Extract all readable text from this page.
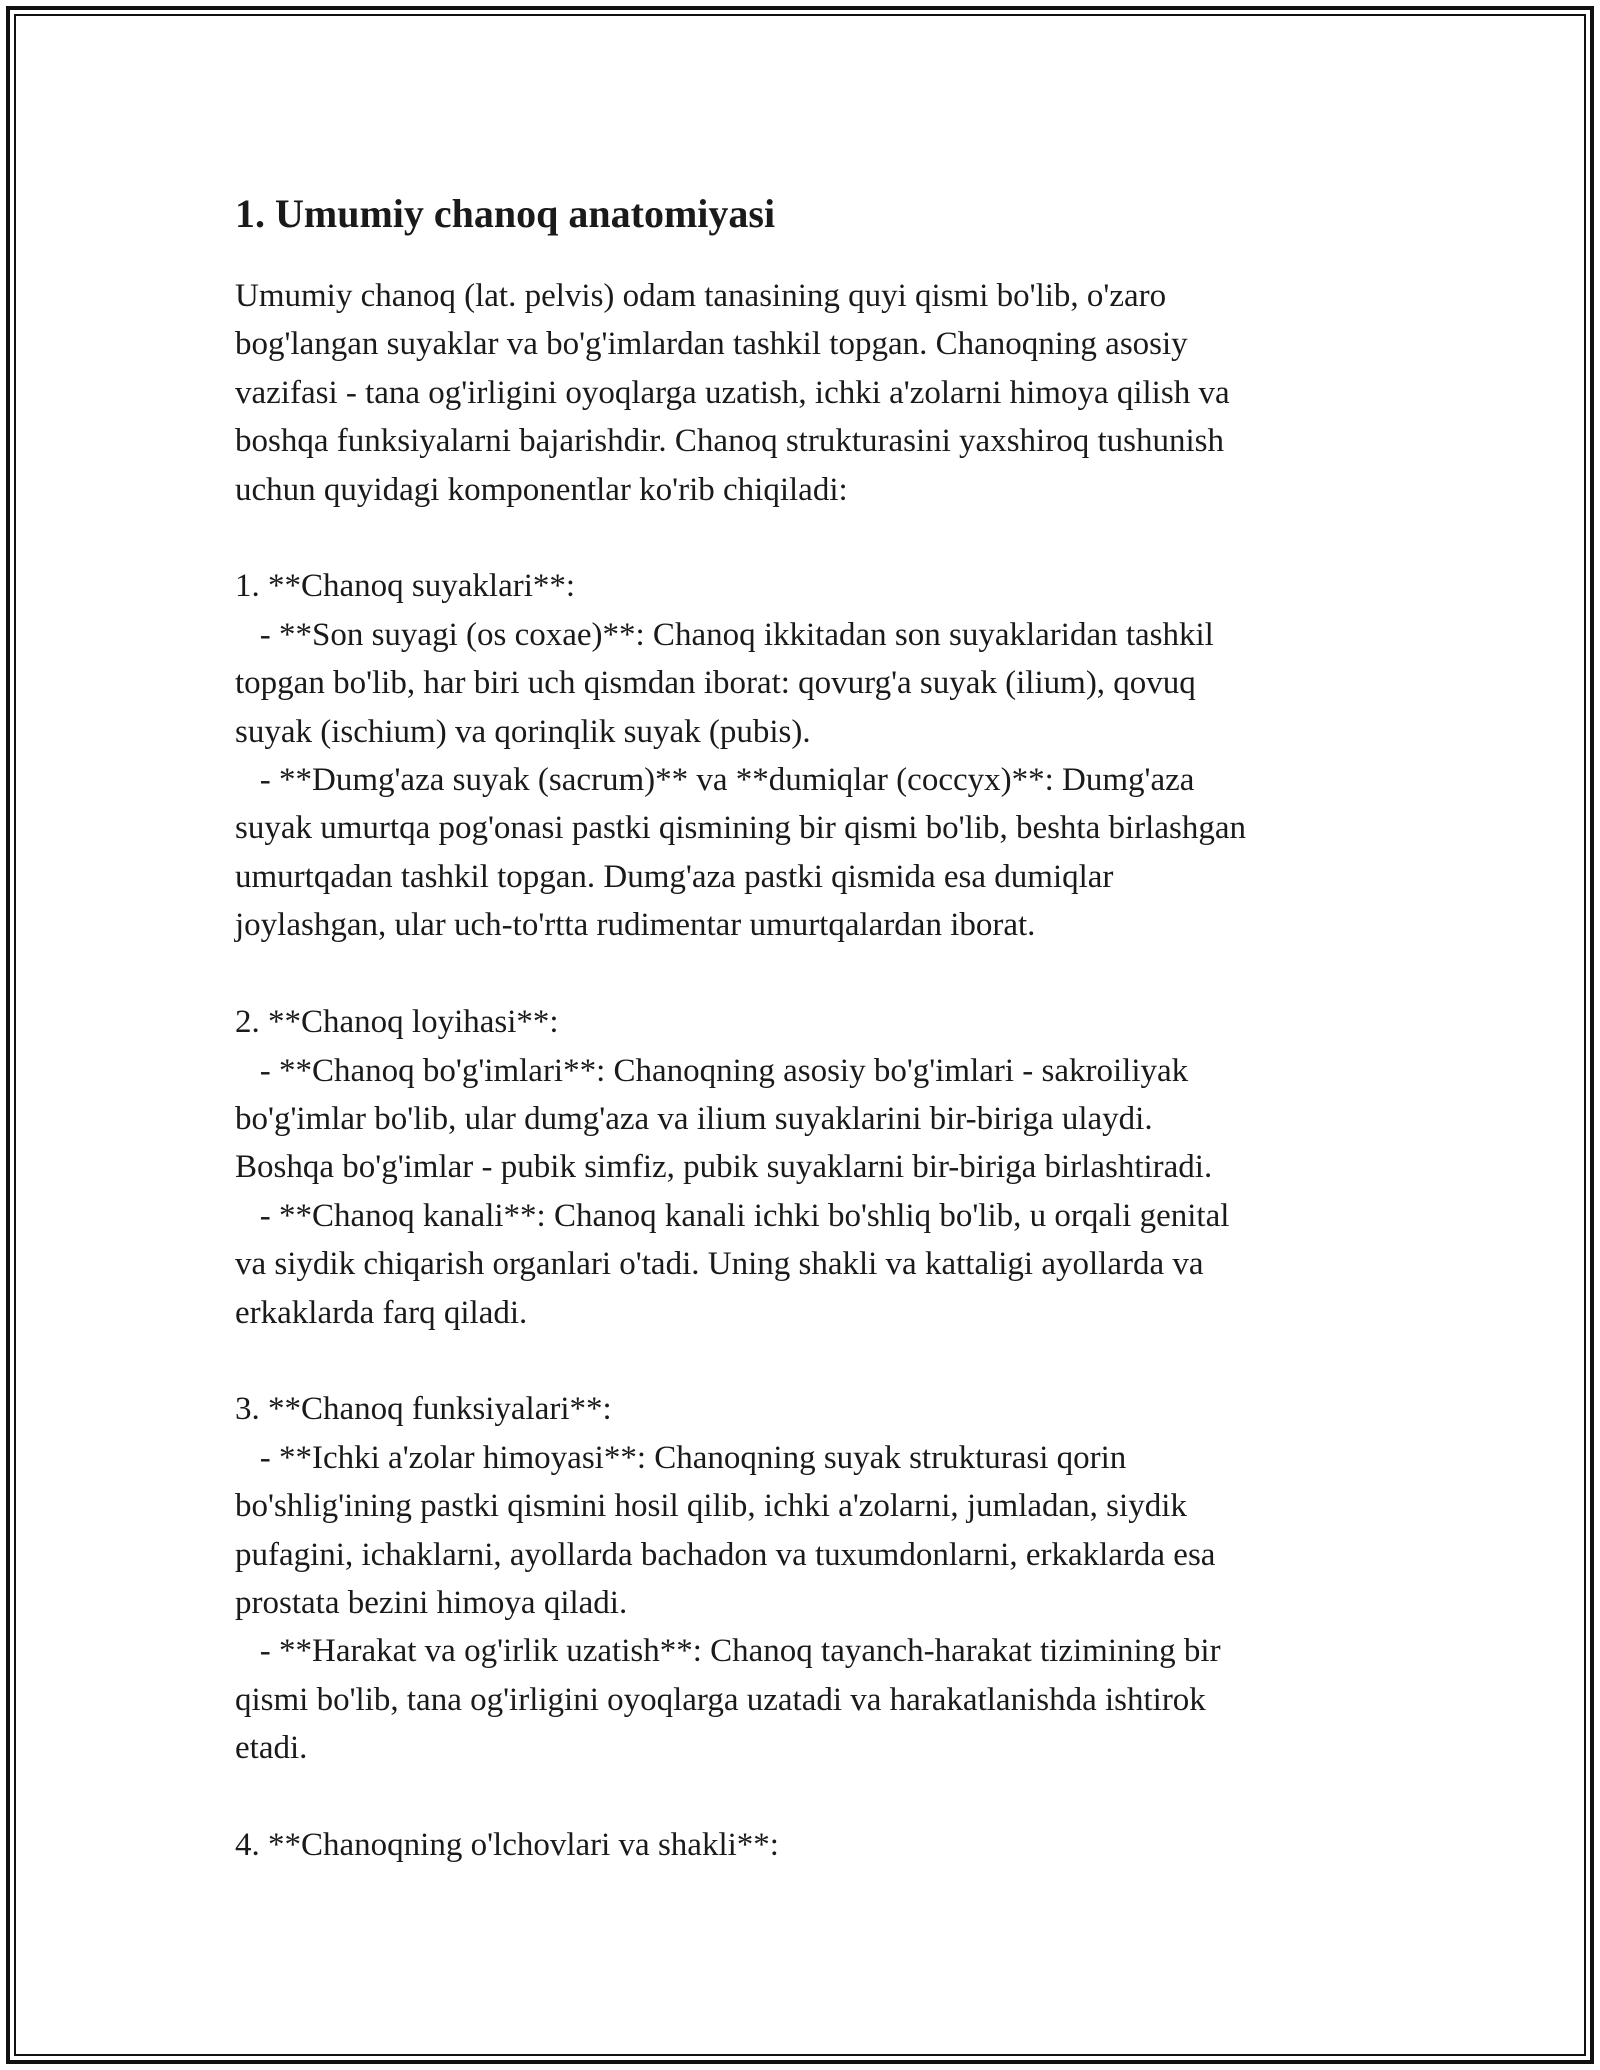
1. Umumiy chanoq anatomiyasi

Umumiy chanoq (lat. pelvis) odam tanasining quyi qismi bo'lib, o'zaro
bog'langan suyaklar va bo'g'imlardan tashkil topgan. Chanoqning asosiy
vazifasi - tana og'irligini oyoqlarga uzatish, ichki a'zolarni himoya qilish va
boshqa funksiyalarni bajarishdir. Chanoq strukturasini yaxshiroq tushunish
uchun quyidagi komponentlar ko'rib chiqiladi:

1. **Chanoq suyaklari**:
- **Son suyagi (os coxae)**: Chanoq ikkitadan son suyaklaridan tashkil
topgan bo'lib, har biri uch qismdan iborat: qovurg'a suyak (ilium), qovuq
suyak (ischium) va qorinqlik suyak (pubis).
- **Dumg'aza suyak (sacrum)** va **dumiqlar (coccyx)**: Dumg'aza
suyak umurtqa pog'onasi pastki qismining bir qismi bo'lib, beshta birlashgan
umurtqadan tashkil topgan. Dumg'aza pastki qismida esa dumiqlar
joylashgan, ular uch-to'rtta rudimentar umurtqalardan iborat.

2. **Chanoq loyihasi**:
- **Chanoq bo'g'imlari**: Chanoqning asosiy bo'g'imlari - sakroiliyak
bo'g'imlar bo'lib, ular dumg'aza va ilium suyaklarini bir-biriga ulaydi.
Boshqa bo'g'imlar - pubik simfiz, pubik suyaklarni bir-biriga birlashtiradi.
- **Chanoq kanali**: Chanoq kanali ichki bo'shliq bo'lib, u orqali genital
va siydik chiqarish organlari o'tadi. Uning shakli va kattaligi ayollarda va
erkaklarda farq qiladi.

3. **Chanoq funksiyalari**:
- **Ichki a'zolar himoyasi**: Chanoqning suyak strukturasi qorin
bo'shlig'ining pastki qismini hosil qilib, ichki a'zolarni, jumladan, siydik
pufagini, ichaklarni, ayollarda bachadon va tuxumdonlarni, erkaklarda esa
prostata bezini himoya qiladi.
- **Harakat va og'irlik uzatish**: Chanoq tayanch-harakat tizimining bir
qismi bo'lib, tana og'irligini oyoqlarga uzatadi va harakatlanishda ishtirok
etadi.

4. **Chanoqning o'lchovlari va shakli**:
